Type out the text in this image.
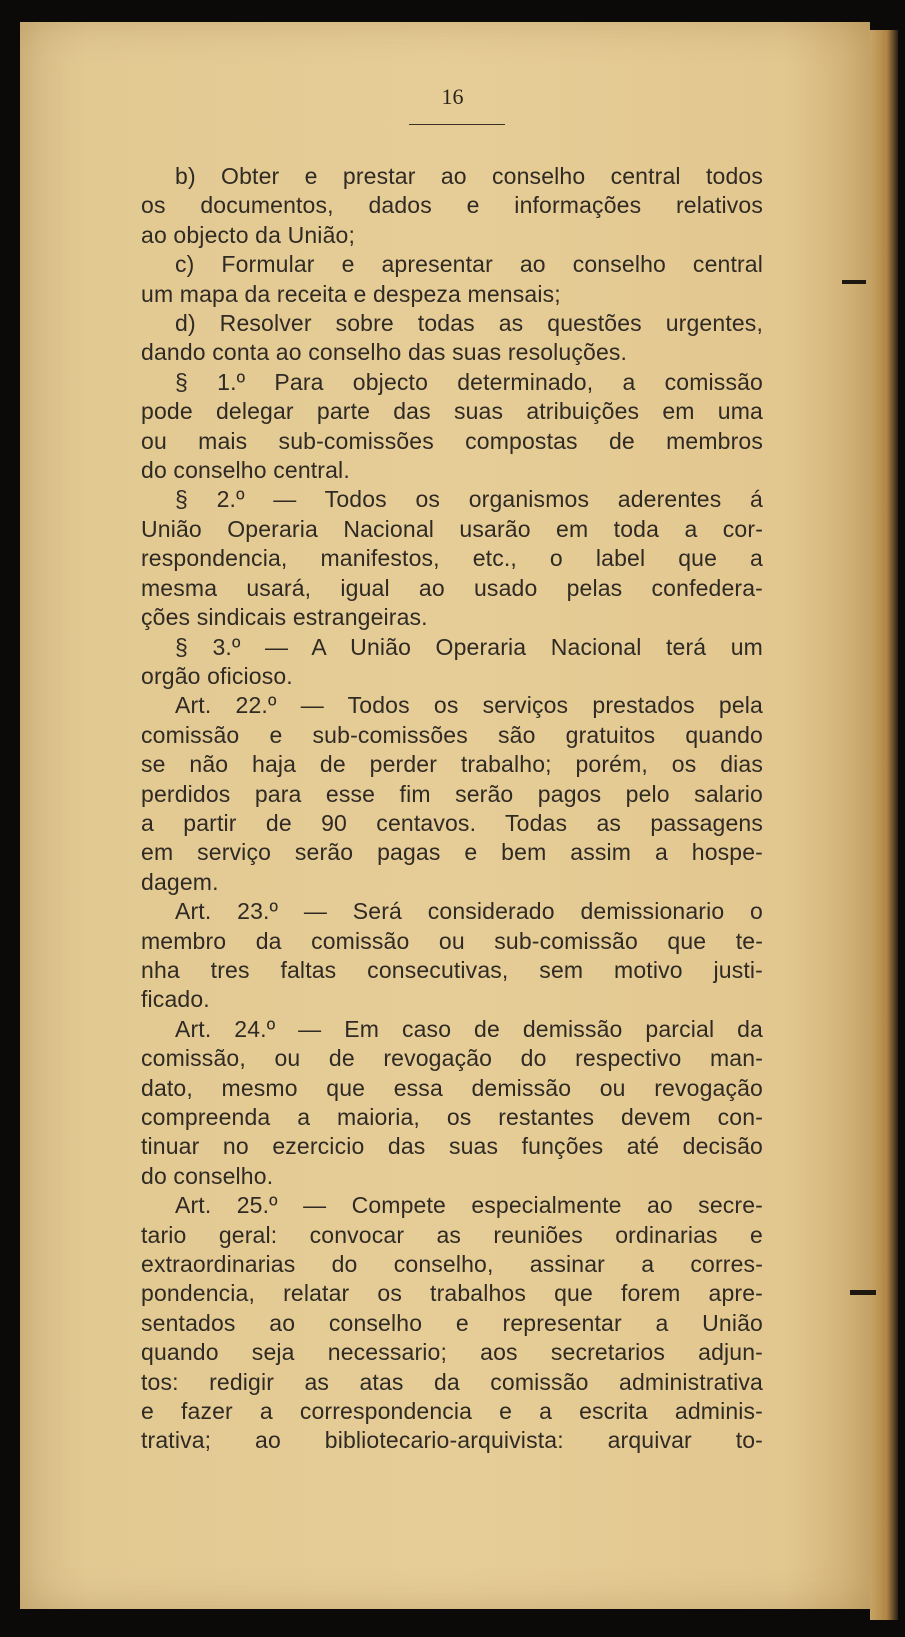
16
b) Obter e prestar ao conselho central todos
os documentos, dados e informações relativos
ao objecto da União;
c) Formular e apresentar ao conselho central
um mapa da receita e despeza mensais;
d) Resolver sobre todas as questões urgentes,
dando conta ao conselho das suas resoluções.
§ 1.º Para objecto determinado, a comissão
pode delegar parte das suas atribuições em uma
ou mais sub-comissões compostas de membros
do conselho central.
§ 2.º — Todos os organismos aderentes á
União Operaria Nacional usarão em toda a cor-
respondencia, manifestos, etc., o label que a
mesma usará, igual ao usado pelas confedera-
ções sindicais estrangeiras.
§ 3.º — A União Operaria Nacional terá um
orgão oficioso.
Art. 22.º — Todos os serviços prestados pela
comissão e sub-comissões são gratuitos quando
se não haja de perder trabalho; porém, os dias
perdidos para esse fim serão pagos pelo salario
a partir de 90 centavos. Todas as passagens
em serviço serão pagas e bem assim a hospe-
dagem.
Art. 23.º — Será considerado demissionario o
membro da comissão ou sub-comissão que te-
nha tres faltas consecutivas, sem motivo justi-
ficado.
Art. 24.º — Em caso de demissão parcial da
comissão, ou de revogação do respectivo man-
dato, mesmo que essa demissão ou revogação
compreenda a maioria, os restantes devem con-
tinuar no ezercicio das suas funções até decisão
do conselho.
Art. 25.º — Compete especialmente ao secre-
tario geral: convocar as reuniões ordinarias e
extraordinarias do conselho, assinar a corres-
pondencia, relatar os trabalhos que forem apre-
sentados ao conselho e representar a União
quando seja necessario; aos secretarios adjun-
tos: redigir as atas da comissão administrativa
e fazer a correspondencia e a escrita adminis-
trativa; ao bibliotecario-arquivista: arquivar to-
